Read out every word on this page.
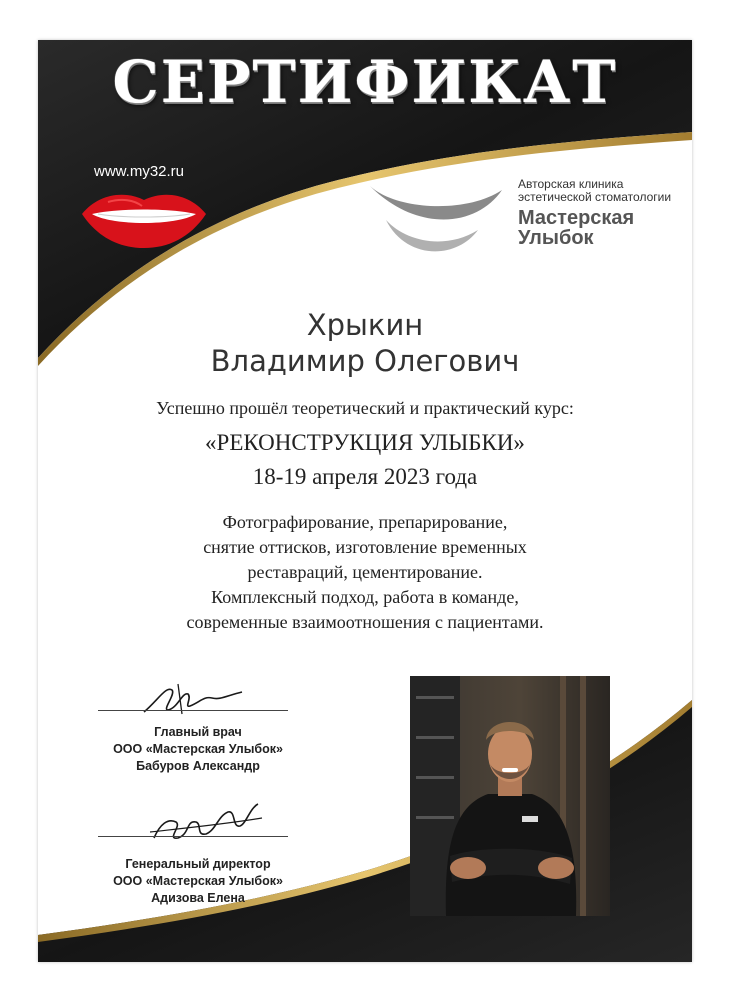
СЕРТИФИКАТ
www.my32.ru
Авторская клиника эстетической стоматологии
Мастерская Улыбок
Хрыкин
Владимир Олегович
Успешно прошёл теоретический и практический курс:
«РЕКОНСТРУКЦИЯ УЛЫБКИ»
18-19 апреля 2023 года
Фотографирование, препарирование,
снятие оттисков, изготовление временных
реставраций, цементирование.
Комплексный подход, работа в команде,
современные взаимоотношения с пациентами.
Главный врач
ООО «Мастерская Улыбок»
Бабуров Александр
Генеральный директор
ООО «Мастерская Улыбок»
Адизова Елена
